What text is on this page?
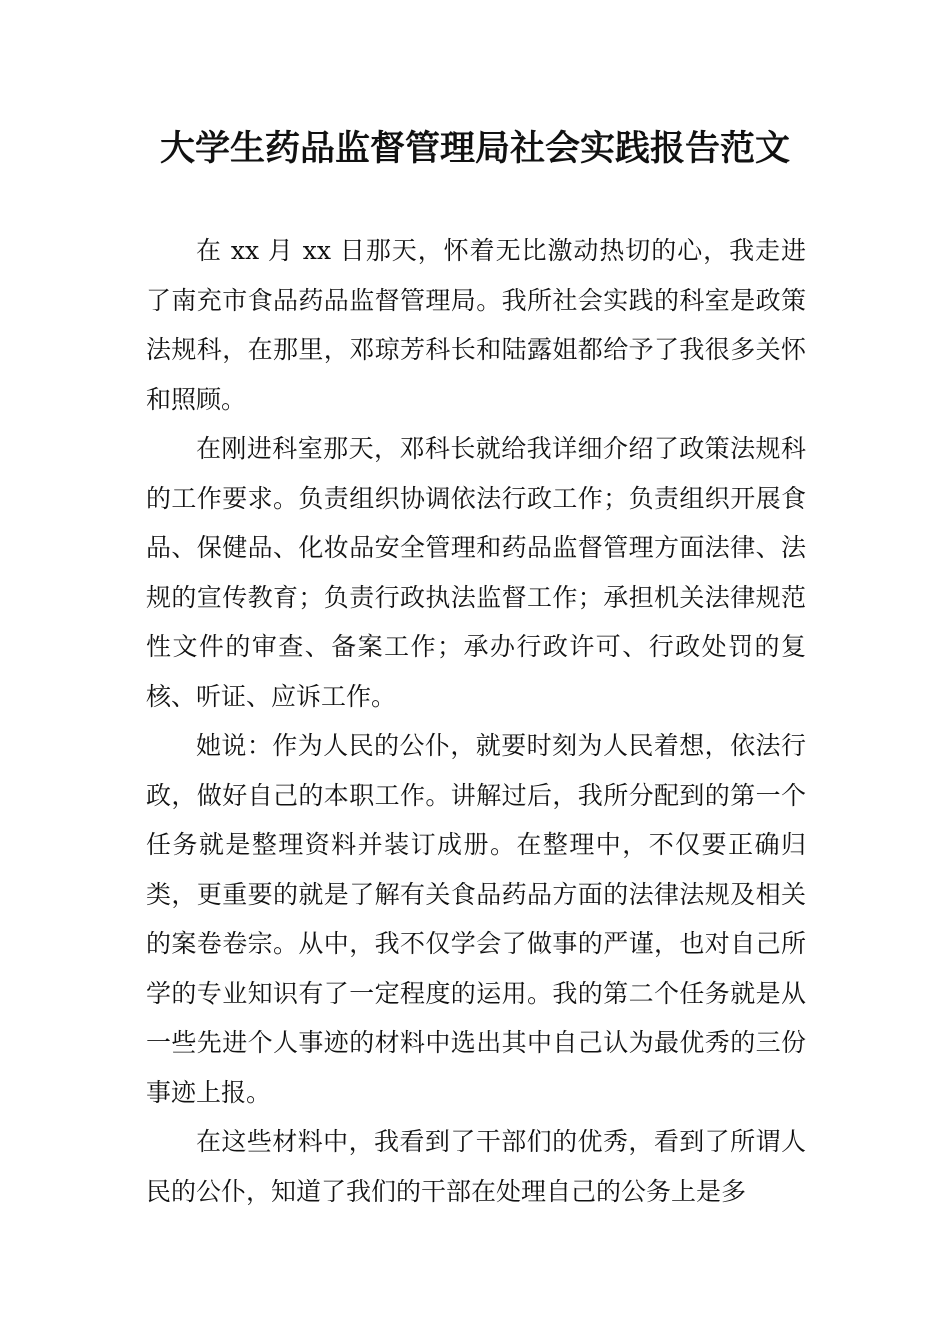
大学生药品监督管理局社会实践报告范文

在 xx 月 xx 日那天，怀着无比激动热切的心，我走进了南充市食品药品监督管理局。我所社会实践的科室是政策法规科，在那里，邓琼芳科长和陆露姐都给予了我很多关怀和照顾。

在刚进科室那天，邓科长就给我详细介绍了政策法规科的工作要求。负责组织协调依法行政工作；负责组织开展食品、保健品、化妆品安全管理和药品监督管理方面法律、法规的宣传教育；负责行政执法监督工作；承担机关法律规范性文件的审查、备案工作；承办行政许可、行政处罚的复核、听证、应诉工作。

她说：作为人民的公仆，就要时刻为人民着想，依法行政，做好自己的本职工作。讲解过后，我所分配到的第一个任务就是整理资料并装订成册。在整理中，不仅要正确归类，更重要的就是了解有关食品药品方面的法律法规及相关的案卷卷宗。从中，我不仅学会了做事的严谨，也对自己所学的专业知识有了一定程度的运用。我的第二个任务就是从一些先进个人事迹的材料中选出其中自己认为最优秀的三份事迹上报。

在这些材料中，我看到了干部们的优秀，看到了所谓人民的公仆，知道了我们的干部在处理自己的公务上是多
